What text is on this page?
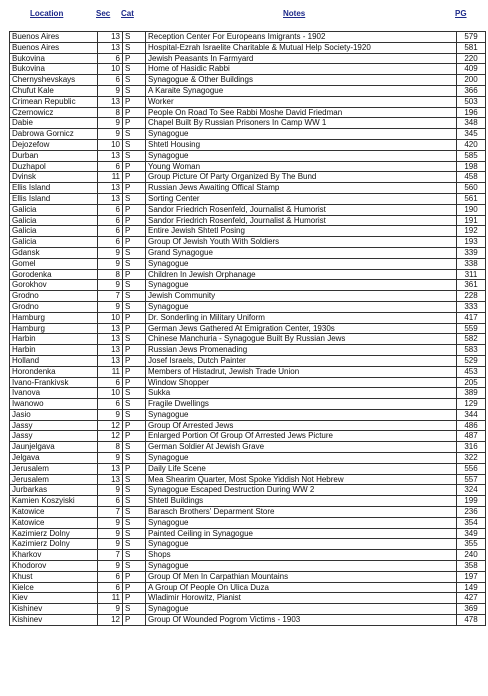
Location	Sec Cat	Notes	PG
Buenos Aires	13	S	Reception Center For Europeans Imigrants - 1902	579
Buenos Aires	13	S	Hospital-Ezrah Israelite Charitable & Mutual Help Society-1920	581
Bukovina	6	P	Jewish Peasants In Farmyard	220
Bukovina	10	S	Home of Hasidic Rabbi	409
Chernyshevskays	6	S	Synagogue & Other Buildings	200
Chufut Kale	9	S	A Karaite Synagogue	366
Crimean Republic	13	P	Worker	503
Czernowicz	8	P	People On Road To See Rabbi Moshe David Friedman	196
Dabie	9	P	Chapel Built By Russian Prisoners In Camp WW 1	348
Dabrowa Gornicz	9	S	Synagogue	345
Dejozefow	10	S	Shtetl Housing	420
Durban	13	S	Synagogue	585
Duzhapol	6	P	Young Woman	198
Dvinsk	11	P	Group Picture Of Party Organized By The Bund	458
Ellis Island	13	P	Russian Jews Awaiting Offical Stamp	560
Ellis Island	13	S	Sorting Center	561
Galicia	6	P	Sandor Friedrich Rosenfeld, Journalist & Humorist	190
Galicia	6	P	Sandor Friedrich Rosenfeld, Journalist & Humorist	191
Galicia	6	P	Entire Jewish Shtetl Posing	192
Galicia	6	P	Group Of Jewish Youth With Soldiers	193
Gdansk	9	S	Grand Synagogue	339
Gomel	9	S	Synagogue	338
Gorodenka	8	P	Children In Jewish Orphanage	311
Gorokhov	9	S	Synagogue	361
Grodno	7	S	Jewish Community	228
Grodno	9	S	Synagogue	333
Hamburg	10	P	Dr. Sonderling in Military Uniform	417
Hamburg	13	P	German Jews Gathered At Emigration Center, 1930s	559
Harbin	13	S	Chinese Manchuria - Synagogue Built By Russian Jews	582
Harbin	13	P	Russian Jews Promenading	583
Holland	13	P	Josef Israels, Dutch Painter	529
Horondenka	11	P	Members of Histadrut, Jewish Trade Union	453
Ivano-Frankivsk	6	P	Window Shopper	205
Ivanova	10	S	Sukka	389
Iwanowo	6	S	Fragile Dwellings	129
Jasio	9	S	Synagogue	344
Jassy	12	P	Group Of Arrested Jews	486
Jassy	12	P	Enlarged Portion Of Group Of Arrested Jews Picture	487
Jaunjelgava	8	S	German Soldier At Jewish Grave	316
Jelgava	9	S	Synagogue	322
Jerusalem	13	P	Daily Life Scene	556
Jerusalem	13	S	Mea Shearim Quarter, Most Spoke Yiddish Not Hebrew	557
Jurbarkas	9	S	Synagogue Escaped Destruction During WW 2	324
Kamien Koszyiski	6	S	Shtetl Buildings	199
Katowice	7	S	Barasch Brothers' Deparment Store	236
Katowice	9	S	Synagogue	354
Kazimierz Dolny	9	S	Painted Ceiling in Synagogue	349
Kazimierz Dolny	9	S	Synagogue	355
Kharkov	7	S	Shops	240
Khodorov	9	S	Synagogue	358
Khust	6	P	Group Of Men In Carpathian Mountains	197
Kielce	6	P	A Group Of People On Ulica Duza	149
Kiev	11	P	Wladimir Horowitz, Pianist	427
Kishinev	9	S	Synagogue	369
Kishinev	12	P	Group Of Wounded Pogrom Victims - 1903	478
